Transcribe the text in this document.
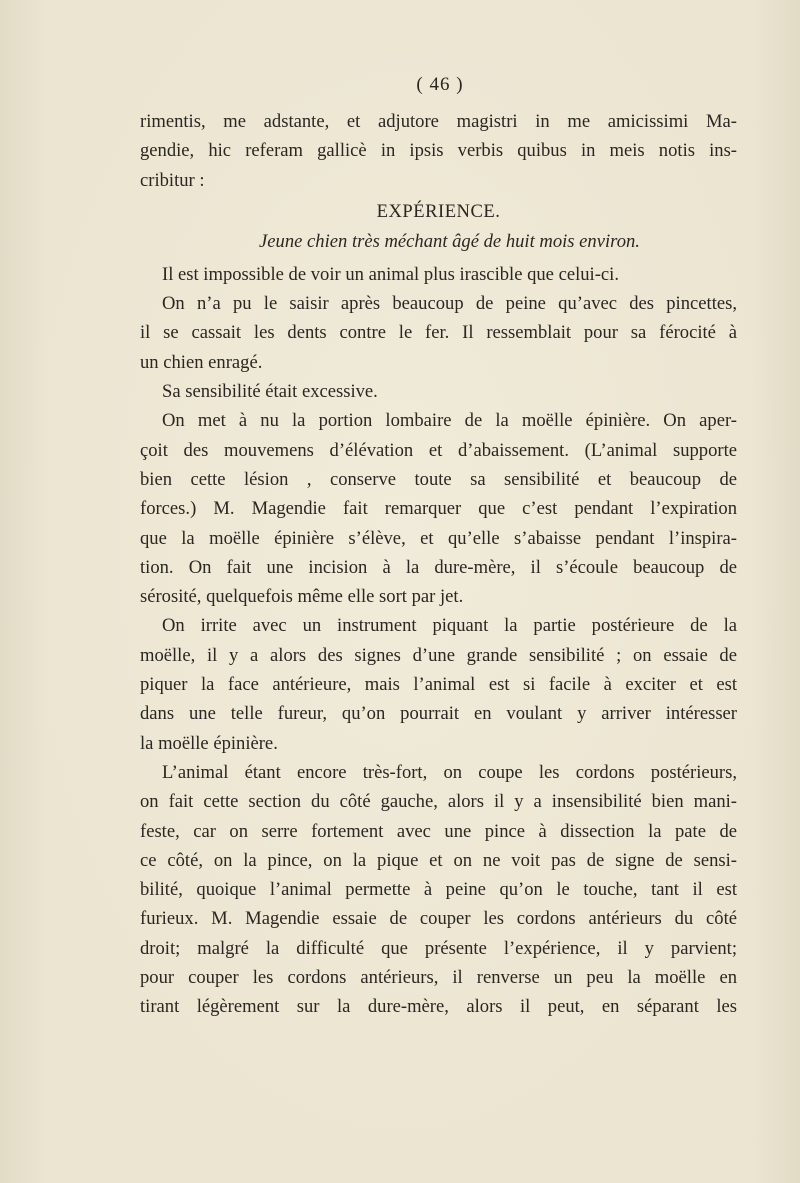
( 46 )
rimentis, me adstante, et adjutore magistri in me amicissimi Ma-
gendie, hic referam gallicè in ipsis verbis quibus in meis notis ins-
cribitur :
EXPÉRIENCE.
Jeune chien très méchant âgé de huit mois environ.
Il est impossible de voir un animal plus irascible que celui-ci.
On n’a pu le saisir après beaucoup de peine qu’avec des pincettes,
il se cassait les dents contre le fer. Il ressemblait pour sa férocité à
un chien enragé.
Sa sensibilité était excessive.
On met à nu la portion lombaire de la moëlle épinière. On aper-
çoit des mouvemens d’élévation et d’abaissement. (L’animal supporte
bien cette lésion , conserve toute sa sensibilité et beaucoup de
forces.) M. Magendie fait remarquer que c’est pendant l’expiration
que la moëlle épinière s’élève, et qu’elle s’abaisse pendant l’inspira-
tion. On fait une incision à la dure-mère, il s’écoule beaucoup de
sérosité, quelquefois même elle sort par jet.
On irrite avec un instrument piquant la partie postérieure de la
moëlle, il y a alors des signes d’une grande sensibilité ; on essaie de
piquer la face antérieure, mais l’animal est si facile à exciter et est
dans une telle fureur, qu’on pourrait en voulant y arriver intéresser
la moëlle épinière.
L’animal étant encore très-fort, on coupe les cordons postérieurs,
on fait cette section du côté gauche, alors il y a insensibilité bien mani-
feste, car on serre fortement avec une pince à dissection la pate de
ce côté, on la pince, on la pique et on ne voit pas de signe de sensi-
bilité, quoique l’animal permette à peine qu’on le touche, tant il est
furieux. M. Magendie essaie de couper les cordons antérieurs du côté
droit; malgré la difficulté que présente l’expérience, il y parvient;
pour couper les cordons antérieurs, il renverse un peu la moëlle en
tirant légèrement sur la dure-mère, alors il peut, en séparant les
